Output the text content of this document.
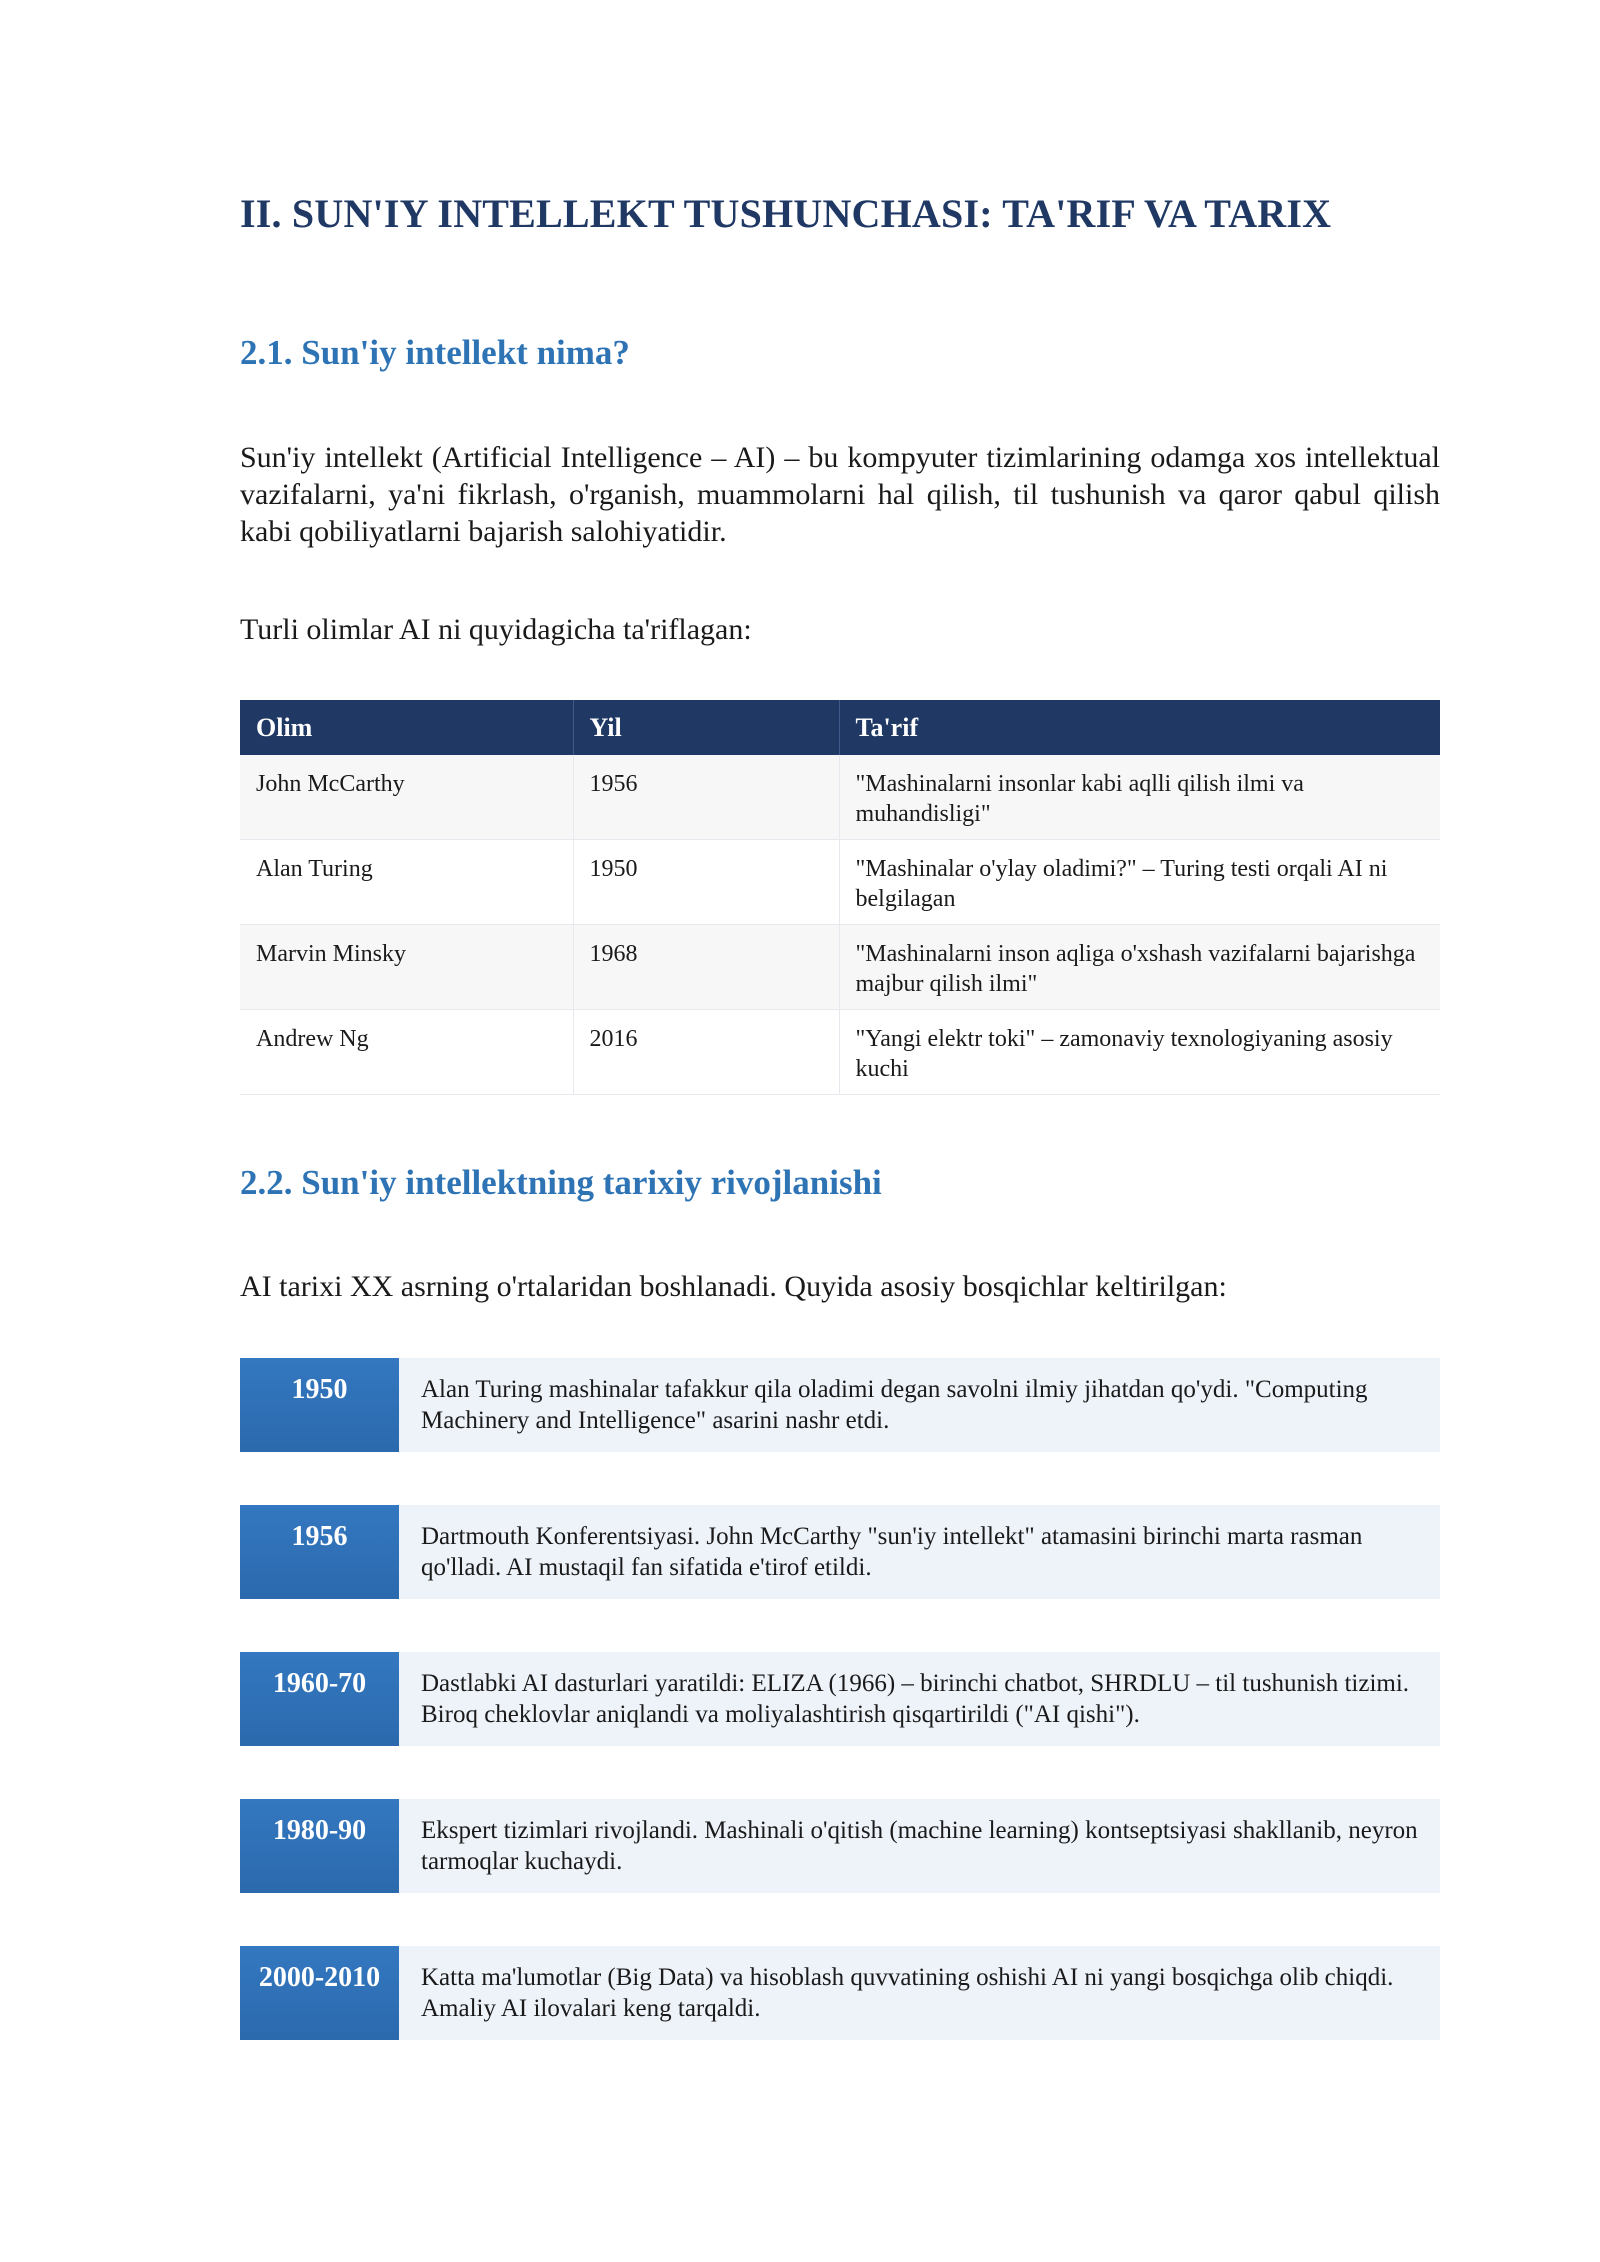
II. SUN'IY INTELLEKT TUSHUNCHASI: TA'RIF VA TARIX
2.1. Sun'iy intellekt nima?

Sun'iy intellekt (Artificial Intelligence – AI) – bu kompyuter tizimlarining odamga xos intellektual vazifalarni, ya'ni fikrlash, o'rganish, muammolarni hal qilish, til tushunish va qaror qabul qilish kabi qobiliyatlarni bajarish salohiyatidir.

Turli olimlar AI ni quyidagicha ta'riflagan:

Olim	Yil	Ta'rif
John McCarthy	1956	"Mashinalarni insonlar kabi aqlli qilish ilmi va muhandisligi"
Alan Turing	1950	"Mashinalar o'ylay oladimi?" – Turing testi orqali AI ni belgilagan
Marvin Minsky	1968	"Mashinalarni inson aqliga o'xshash vazifalarni bajarishga majbur qilish ilmi"
Andrew Ng	2016	"Yangi elektr toki" – zamonaviy texnologiyaning asosiy kuchi
2.2. Sun'iy intellektning tarixiy rivojlanishi

AI tarixi XX asrning o'rtalaridan boshlanadi. Quyida asosiy bosqichlar keltirilgan:

1950	Alan Turing mashinalar tafakkur qila oladimi degan savolni ilmiy jihatdan qo'ydi. "Computing Machinery and Intelligence" asarini nashr etdi.
1956	Dartmouth Konferentsiyasi. John McCarthy "sun'iy intellekt" atamasini birinchi marta rasman qo'lladi. AI mustaqil fan sifatida e'tirof etildi.
1960-70	Dastlabki AI dasturlari yaratildi: ELIZA (1966) – birinchi chatbot, SHRDLU – til tushunish tizimi. Biroq cheklovlar aniqlandi va moliyalashtirish qisqartirildi ("AI qishi").
1980-90	Ekspert tizimlari rivojlandi. Mashinali o'qitish (machine learning) kontseptsiyasi shakllanib, neyron tarmoqlar kuchaydi.
2000-2010	Katta ma'lumotlar (Big Data) va hisoblash quvvatining oshishi AI ni yangi bosqichga olib chiqdi. Amaliy AI ilovalari keng tarqaldi.
